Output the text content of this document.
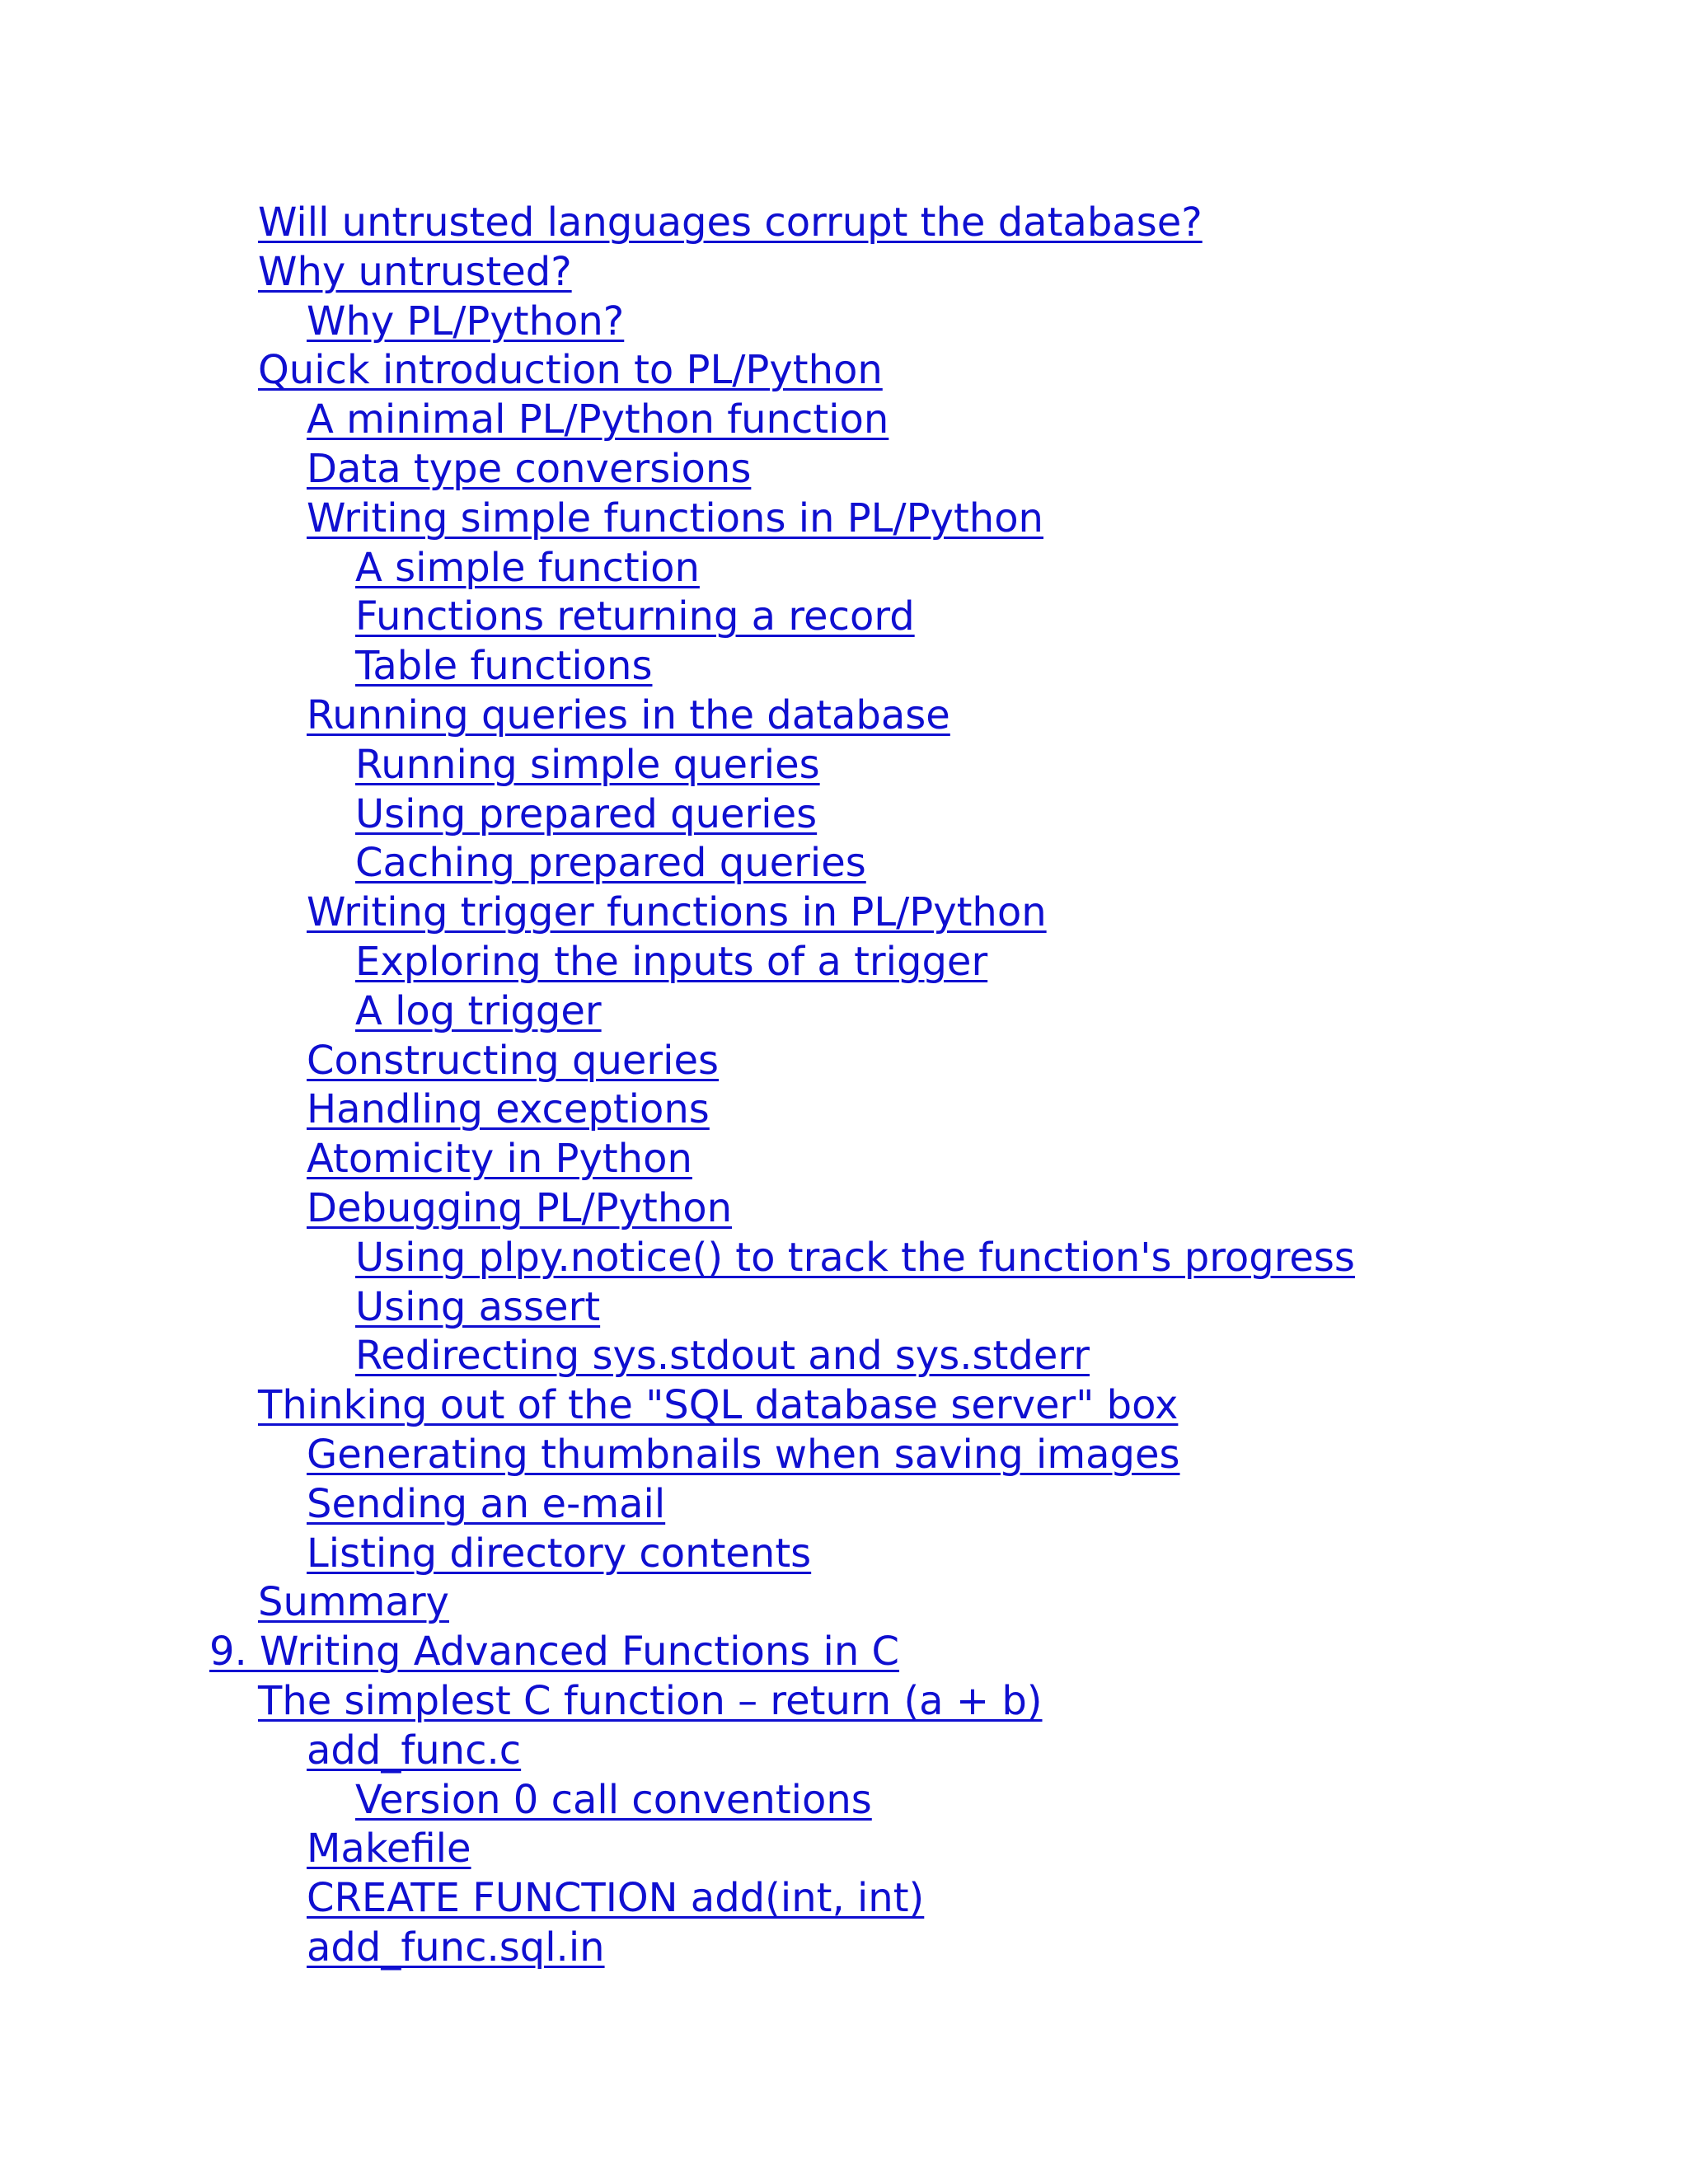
Will untrusted languages corrupt the database?
Why untrusted?
Why PL/Python?
Quick introduction to PL/Python
A minimal PL/Python function
Data type conversions
Writing simple functions in PL/Python
A simple function
Functions returning a record
Table functions
Running queries in the database
Running simple queries
Using prepared queries
Caching prepared queries
Writing trigger functions in PL/Python
Exploring the inputs of a trigger
A log trigger
Constructing queries
Handling exceptions
Atomicity in Python
Debugging PL/Python
Using plpy.notice() to track the function's progress
Using assert
Redirecting sys.stdout and sys.stderr
Thinking out of the "SQL database server" box
Generating thumbnails when saving images
Sending an e-mail
Listing directory contents
Summary
9. Writing Advanced Functions in C
The simplest C function – return (a + b)
add_func.c
Version 0 call conventions
Makefile
CREATE FUNCTION add(int, int)
add_func.sql.in
